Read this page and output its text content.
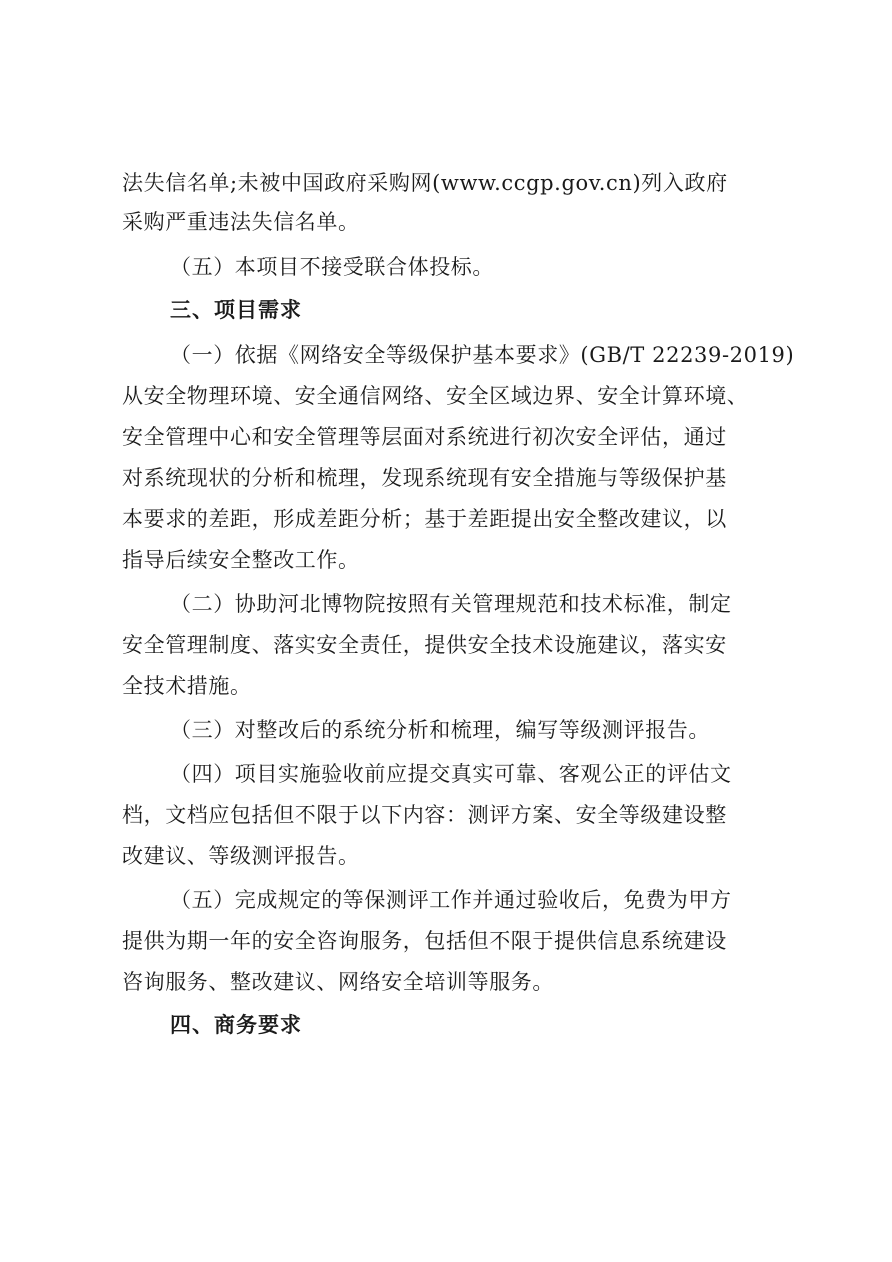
法失信名单;未被中国政府采购网(www.ccgp.gov.cn)列入政府
采购严重违法失信名单。
（五）本项目不接受联合体投标。
三、项目需求
（一）依据《网络安全等级保护基本要求》(GB/T 22239-2019)
从安全物理环境、安全通信网络、安全区域边界、安全计算环境、
安全管理中心和安全管理等层面对系统进行初次安全评估，通过
对系统现状的分析和梳理，发现系统现有安全措施与等级保护基
本要求的差距，形成差距分析；基于差距提出安全整改建议，以
指导后续安全整改工作。
（二）协助河北博物院按照有关管理规范和技术标准，制定
安全管理制度、落实安全责任，提供安全技术设施建议，落实安
全技术措施。
（三）对整改后的系统分析和梳理，编写等级测评报告。
（四）项目实施验收前应提交真实可靠、客观公正的评估文
档，文档应包括但不限于以下内容：测评方案、安全等级建设整
改建议、等级测评报告。
（五）完成规定的等保测评工作并通过验收后，免费为甲方
提供为期一年的安全咨询服务，包括但不限于提供信息系统建设
咨询服务、整改建议、网络安全培训等服务。
四、商务要求
